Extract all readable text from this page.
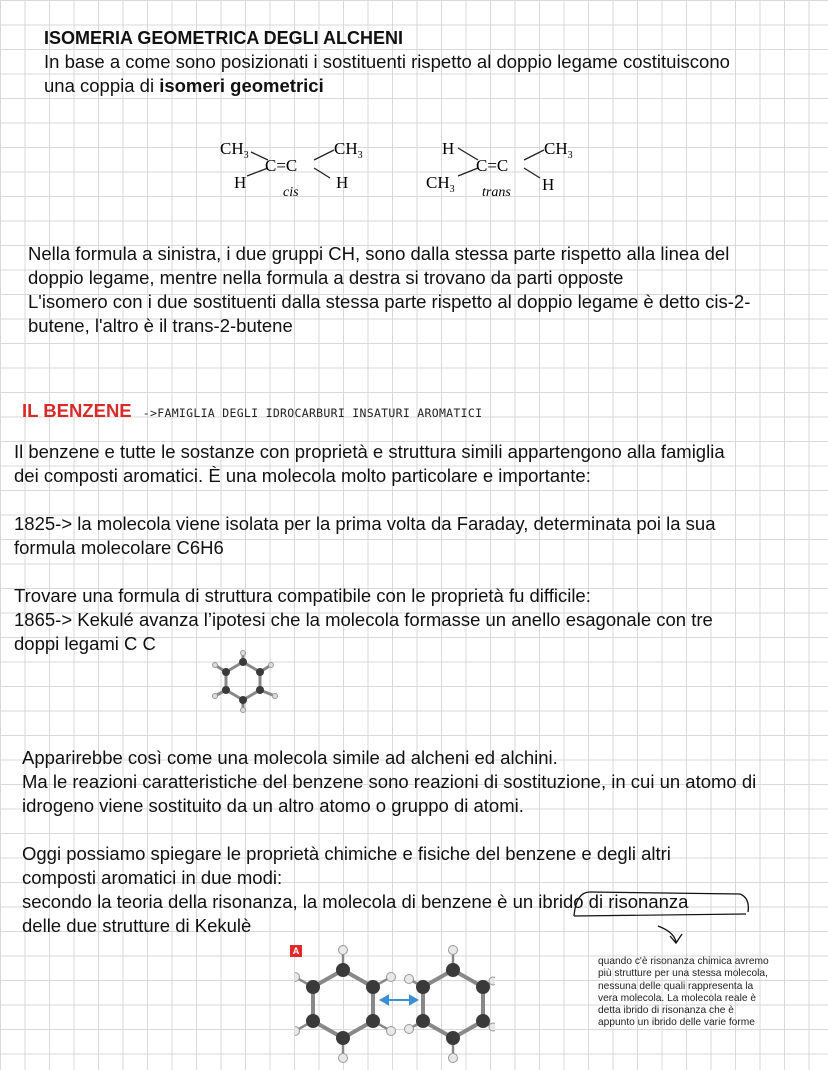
ISOMERIA GEOMETRICA DEGLI ALCHENI
In base a come sono posizionati i sostituenti rispetto al doppio legame costituiscono
una coppia di isomeri geometrici
$CH_3$
H
C=C
$CH_3$
H
cis
H
$CH_3$
C=C
$CH_3$
H
trans
Nella formula a sinistra, i due gruppi CH, sono dalla stessa parte rispetto alla linea del
doppio legame, mentre nella formula a destra si trovano da parti opposte
L'isomero con i due sostituenti dalla stessa parte rispetto al doppio legame è detto cis-2-
butene, l'altro è il trans-2-butene
IL BENZENE ->FAMIGLIA DEGLI IDROCARBURI INSATURI AROMATICI
Il benzene e tutte le sostanze con proprietà e struttura simili appartengono alla famiglia
dei composti aromatici. È una molecola molto particolare e importante:
1825-> la molecola viene isolata per la prima volta da Faraday, determinata poi la sua
formula molecolare C6H6
Trovare una formula di struttura compatibile con le proprietà fu difficile:
1865-> Kekulé avanza l’ipotesi che la molecola formasse un anello esagonale con tre
doppi legami C C
Apparirebbe così come una molecola simile ad alcheni ed alchini.
Ma le reazioni caratteristiche del benzene sono reazioni di sostituzione, in cui un atomo di
idrogeno viene sostituito da un altro atomo o gruppo di atomi.
Oggi possiamo spiegare le proprietà chimiche e fisiche del benzene e degli altri
composti aromatici in due modi:
secondo la teoria della risonanza, la molecola di benzene è un ibrido di risonanza
delle due strutture di Kekulè
A
quando c'è risonanza chimica avremo
più strutture per una stessa molecola,
nessuna delle quali rappresenta la
vera molecola. La molecola reale è
detta ibrido di risonanza che è
appunto un ibrido delle varie forme
